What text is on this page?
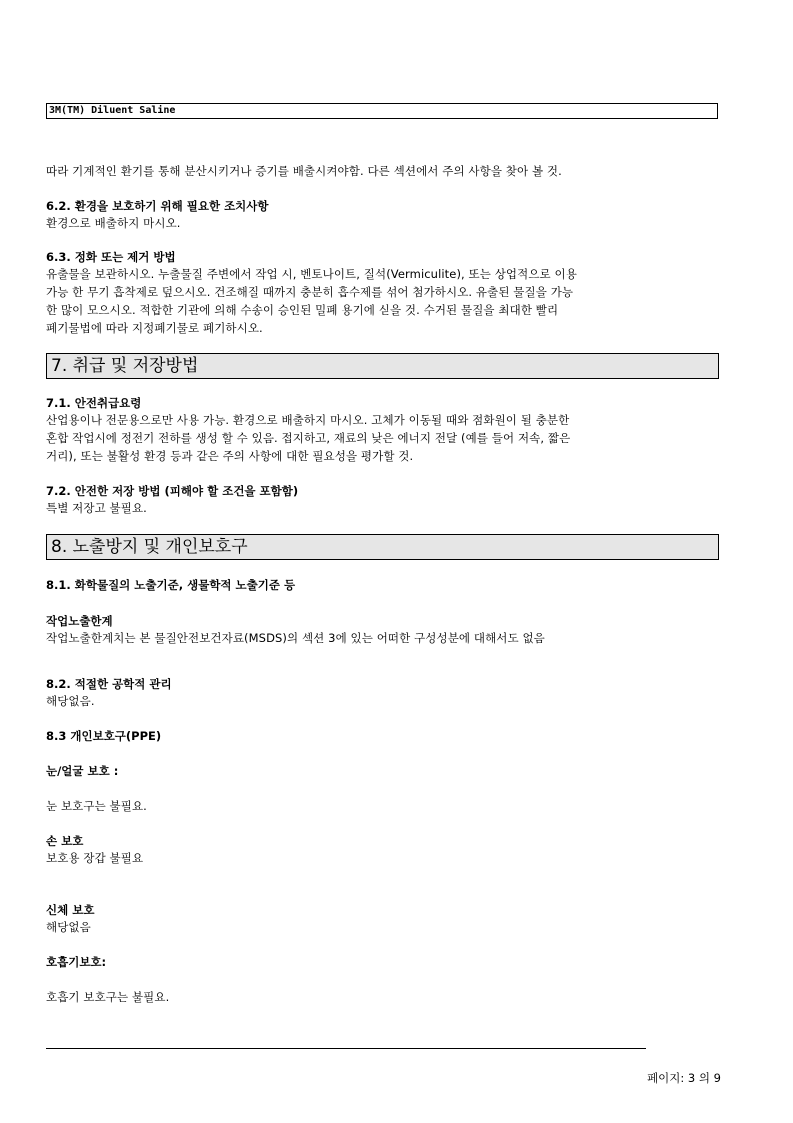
3M(TM) Diluent Saline
따라 기계적인 환기를 통해 분산시키거나 증기를 배출시켜야함. 다른 섹션에서 주의 사항을 찾아 볼 것.
6.2. 환경을 보호하기 위해 필요한 조치사항
환경으로 배출하지 마시오.
6.3. 정화 또는 제거 방법
유출물을 보관하시오. 누출물질 주변에서 작업 시, 벤토나이트, 질석(Vermiculite), 또는 상업적으로 이용
가능 한 무기 흡착제로 덮으시오. 건조해질 때까지 충분히 흡수제를 섞어 첨가하시오. 유출된 물질을 가능
한 많이 모으시오. 적합한 기관에 의해 수송이 승인된 밀폐 용기에 싣을 것. 수거된 물질을 최대한 빨리
폐기물법에 따라 지정폐기물로 폐기하시오.
7. 취급 및 저장방법
7.1. 안전취급요령
산업용이나 전문용으로만 사용 가능. 환경으로 배출하지 마시오. 고체가 이동될 때와 점화원이 될 충분한
혼합 작업시에 정전기 전하를 생성 할 수 있음. 접지하고, 재료의 낮은 에너지 전달 (예를 들어 저속, 짧은
거리), 또는 불활성 환경 등과 같은 주의 사항에 대한 필요성을 평가할 것.
7.2. 안전한 저장 방법 (피해야 할 조건을 포함함)
특별 저장고 불필요.
8. 노출방지 및 개인보호구
8.1. 화학물질의 노출기준, 생물학적 노출기준 등
작업노출한계
작업노출한계치는 본 물질안전보건자료(MSDS)의 섹션 3에 있는 어떠한 구성성분에 대해서도 없음
8.2. 적절한 공학적 관리
해당없음.
8.3 개인보호구(PPE)
눈/얼굴 보호 :
눈 보호구는 불필요.
손 보호
보호용 장갑 불필요
신체 보호
해당없음
호흡기보호:
호흡기 보호구는 불필요.
페이지: 3 의 9
